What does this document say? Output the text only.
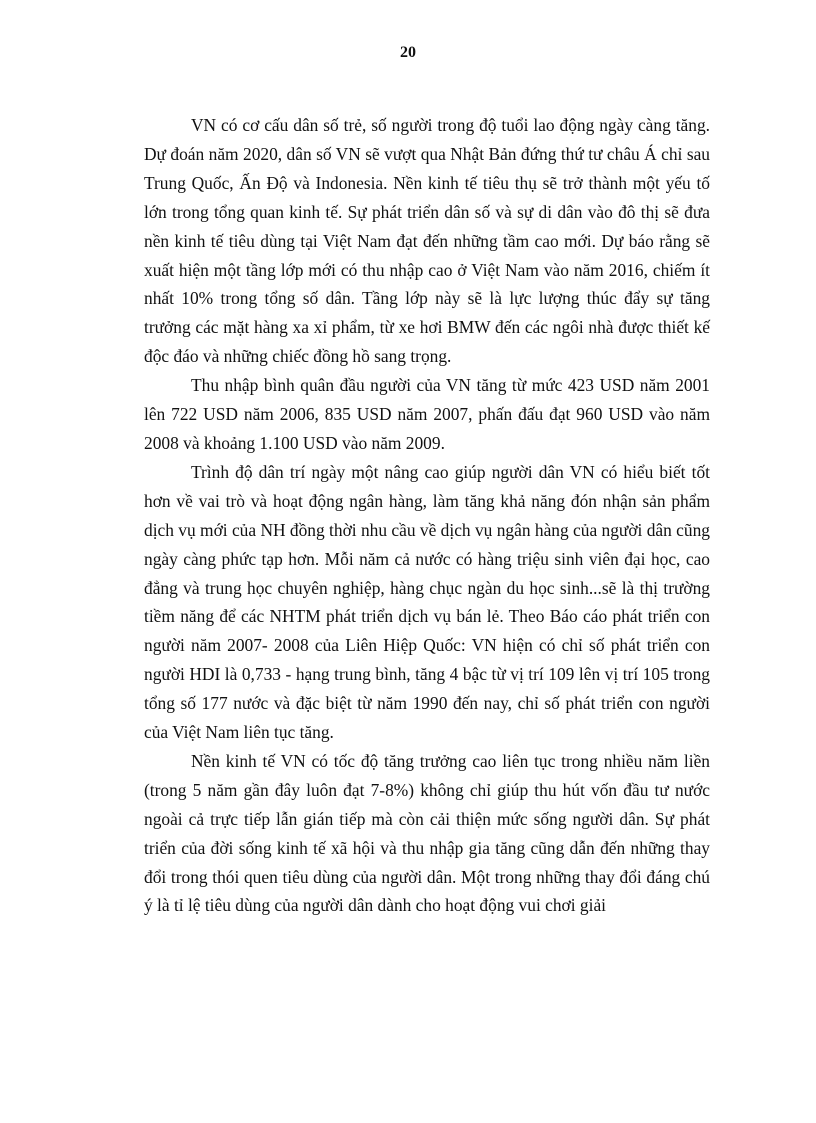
20

VN có cơ cấu dân số trẻ, số người trong độ tuổi lao động ngày càng tăng. Dự đoán năm 2020, dân số VN sẽ vượt qua Nhật Bản đứng thứ tư châu Á chỉ sau Trung Quốc, Ấn Độ và Indonesia. Nền kinh tế tiêu thụ sẽ trở thành một yếu tố lớn trong tổng quan kinh tế. Sự phát triển dân số và sự di dân vào đô thị sẽ đưa nền kinh tế tiêu dùng tại Việt Nam đạt đến những tầm cao mới. Dự báo rằng sẽ xuất hiện một tầng lớp mới có thu nhập cao ở Việt Nam vào năm 2016, chiếm ít nhất 10% trong tổng số dân. Tầng lớp này sẽ là lực lượng thúc đẩy sự tăng trưởng các mặt hàng xa xỉ phẩm, từ xe hơi BMW đến các ngôi nhà được thiết kế độc đáo và những chiếc đồng hồ sang trọng.

Thu nhập bình quân đầu người của VN tăng từ mức 423 USD năm 2001 lên 722 USD năm 2006, 835 USD năm 2007, phấn đấu đạt 960 USD vào năm 2008 và khoảng 1.100 USD vào năm 2009.

Trình độ dân trí ngày một nâng cao giúp người dân VN có hiểu biết tốt hơn về vai trò và hoạt động ngân hàng, làm tăng khả năng đón nhận sản phẩm dịch vụ mới của NH đồng thời nhu cầu về dịch vụ ngân hàng của người dân cũng ngày càng phức tạp hơn. Mỗi năm cả nước có hàng triệu sinh viên đại học, cao đẳng và trung học chuyên nghiệp, hàng chục ngàn du học sinh...sẽ là thị trường tiềm năng để các NHTM phát triển dịch vụ bán lẻ. Theo Báo cáo phát triển con người năm 2007- 2008 của Liên Hiệp Quốc: VN hiện có chỉ số phát triển con người HDI là 0,733 - hạng trung bình, tăng 4 bậc từ vị trí 109 lên vị trí 105 trong tổng số 177 nước và đặc biệt từ năm 1990 đến nay, chỉ số phát triển con người của Việt Nam liên tục tăng.

Nền kinh tế VN có tốc độ tăng trưởng cao liên tục trong nhiều năm liền (trong 5 năm gần đây luôn đạt 7-8%) không chỉ giúp thu hút vốn đầu tư nước ngoài cả trực tiếp lẫn gián tiếp mà còn cải thiện mức sống người dân. Sự phát triển của đời sống kinh tế xã hội và thu nhập gia tăng cũng dẫn đến những thay đổi trong thói quen tiêu dùng của người dân. Một trong những thay đổi đáng chú ý là tỉ lệ tiêu dùng của người dân dành cho hoạt động vui chơi giải
